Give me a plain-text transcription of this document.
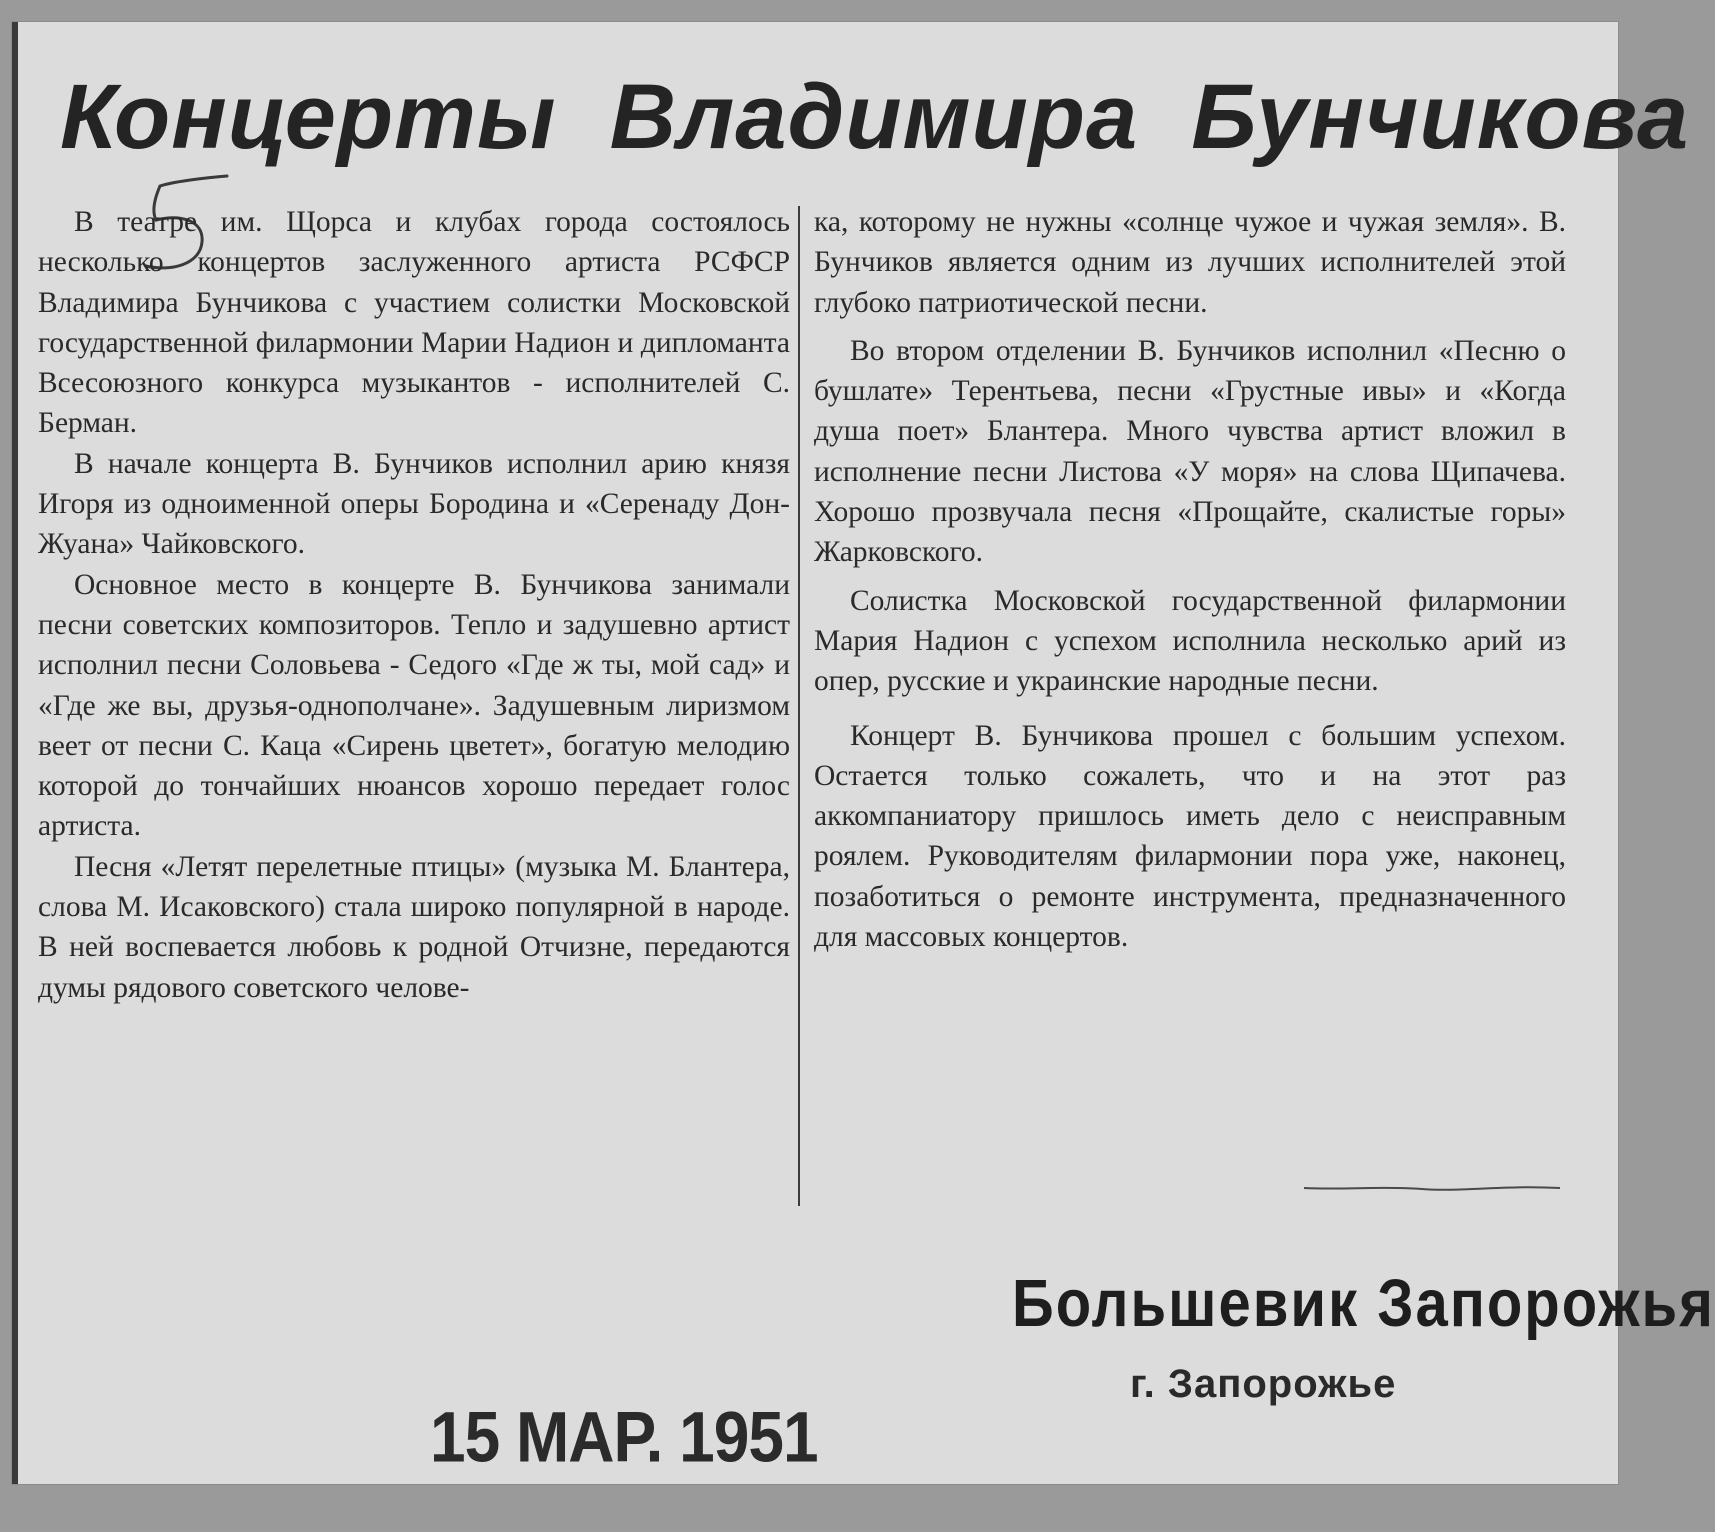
Концерты Владимира Бунчикова

В театре им. Щорса и клубах города состоялось несколько концертов заслуженного артиста РСФСР Владимира Бунчикова с участием солистки Московской государственной филармонии Марии Надион и дипломанта Всесоюзного конкурса музыкантов - исполнителей С. Берман.

В начале концерта В. Бунчиков исполнил арию князя Игоря из одноименной оперы Бородина и «Серенаду Дон-Жуана» Чайковского.

Основное место в концерте В. Бунчикова занимали песни советских композиторов. Тепло и задушевно артист исполнил песни Соловьева - Седого «Где ж ты, мой сад» и «Где же вы, друзья-однополчане». Задушевным лиризмом веет от песни С. Каца «Сирень цветет», богатую мелодию которой до тончайших нюансов хорошо передает голос артиста.

Песня «Летят перелетные птицы» (музыка М. Блантера, слова М. Исаковского) стала широко популярной в народе. В ней воспевается любовь к родной Отчизне, передаются думы рядового советского челове-

ка, которому не нужны «солнце чужое и чужая земля». В. Бунчиков является одним из лучших исполнителей этой глубоко патриотической песни.

Во втором отделении В. Бунчиков исполнил «Песню о бушлате» Терентьева, песни «Грустные ивы» и «Когда душа поет» Блантера. Много чувства артист вложил в исполнение песни Листова «У моря» на слова Щипачева. Хорошо прозвучала песня «Прощайте, скалистые горы» Жарковского.

Солистка Московской государственной филармонии Мария Надион с успехом исполнила несколько арий из опер, русские и украинские народные песни.

Концерт В. Бунчикова прошел с большим успехом. Остается только сожалеть, что и на этот раз аккомпаниатору пришлось иметь дело с неисправным роялем. Руководителям филармонии пора уже, наконец, позаботиться о ремонте инструмента, предназначенного для массовых концертов.

Большевик Запорожья
г. Запорожье
15 МАР. 1951
